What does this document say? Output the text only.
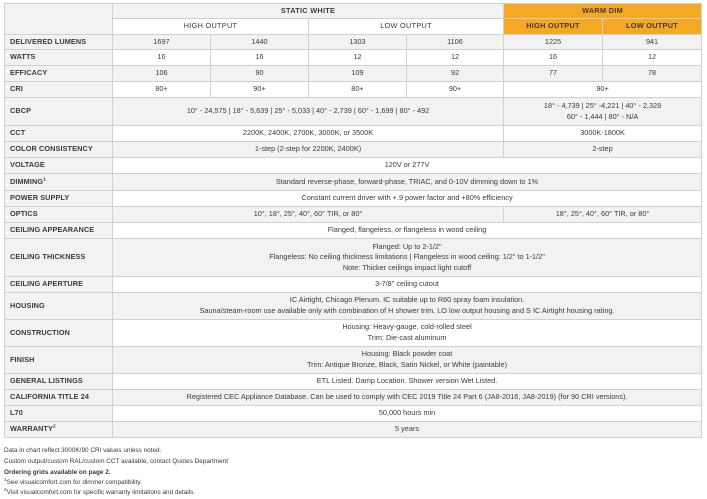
	STATIC WHITE				WARM DIM	
	HIGH OUTPUT		LOW OUTPUT		HIGH OUTPUT	LOW OUTPUT
DELIVERED LUMENS	1697	1440	1303	1106	1225	941
WATTS	16	16	12	12	16	12
EFFICACY	106	90	109	92	77	78
CRI	80+	90+	80+	90+	90+	
CBCP	10° - 24,575 | 18° - 5,639 | 25° - 5,033 | 40° - 2,739 | 60° - 1,699 | 80° - 492				18° - 4,739 | 25° -4,221 | 40° - 2,328
60° - 1,444 | 80° - N/A	

CCT	2200K, 2400K, 2700K, 3000K, or 3500K				3000K-1800K	
COLOR CONSISTENCY	1-step (2-step for 2200K, 2400K)				2-step	
VOLTAGE	120V or 277V					
DIMMING$^1$	Standard reverse-phase, forward-phase, TRIAC, and 0-10V dimming down to 1%					
POWER SUPPLY	Constant current driver with +.9 power factor and +80% efficiency					
OPTICS	10°, 18°, 25°, 40°, 60° TIR, or 80°				18°, 25°, 40°, 60° TIR, or 80°	
CEILING APPEARANCE	Flanged, flangeless, or flangeless in wood ceiling					
CEILING THICKNESS	Flanged: Up to 2-1/2"
Flangeless: No ceiling thickness limitations | Flangeless in wood ceiling: 1/2" to 1-1/2"
Note: Thicker ceilings impact light cutoff					

CEILING APERTURE	3-7/8" ceiling cutout					
HOUSING	IC Airtight, Chicago Plenum. IC suitable up to R60 spray foam insulation.
Sauna/steam-room use available only with combination of H shower trim, LO low output housing and S IC Airtight housing rating.					

CONSTRUCTION	Housing: Heavy-gauge, cold-rolled steel
Trim: Die-cast aluminum					

FINISH	Housing: Black powder coat
Trim: Antique Bronze, Black, Satin Nickel, or White (paintable)					

GENERAL LISTINGS	ETL Listed. Damp Location. Shower version Wet Listed.					
CALIFORNIA TITLE 24	Registered CEC Appliance Database. Can be used to comply with CEC 2019 Title 24 Part 6 (JA8-2016, JA8-2019) (for 90 CRI versions).					
L70	50,000 hours min					
WARRANTY$^2$	5 years					
Data in chart reflect 3000K/90 CRI values unless noted.
Custom output/custom RAL/custom CCT available, contact Quotes Department
Ordering grids available on page 2.
$^1$See visualcomfort.com for dimmer compatibility.
$^2$Visit visualcomfort.com for specific warranty limitations and details.
